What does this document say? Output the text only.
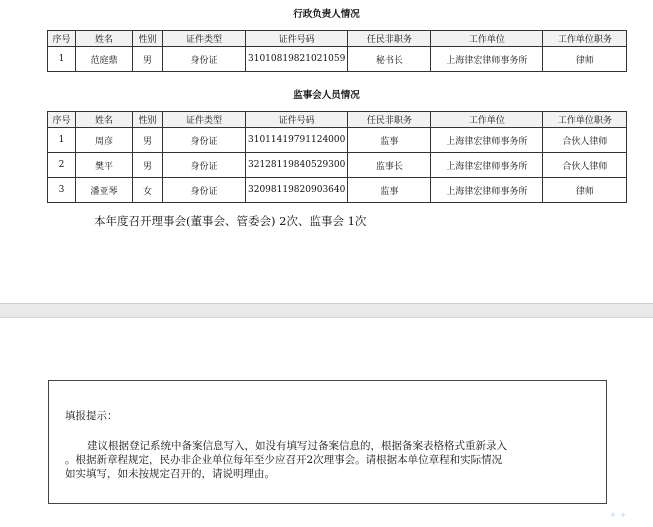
行政负责人情况
序号	姓名	性别	证件类型	证件号码	任民非职务	工作单位	工作单位职务
1	范庭鼎	男	身份证	31010819821021059	秘书长	上海律宏律师事务所	律师
监事会人员情况
序号	姓名	性别	证件类型	证件号码	任民非职务	工作单位	工作单位职务
1	周彦	男	身份证	31011419791124000	监事	上海律宏律师事务所	合伙人律师
2	樊平	男	身份证	32128119840529300	监事长	上海律宏律师事务所	合伙人律师
3	潘亚琴	女	身份证	32098119820903640	监事	上海律宏律师事务所	律师
本年度召开理事会(董事会、管委会) 2次、监事会 1次
填报提示：

建议根据登记系统中备案信息写入，如没有填写过备案信息的，根据备案表格格式重新录入

。根据新章程规定，民办非企业单位每年至少应召开2次理事会。请根据本单位章程和实际情况

如实填写，如未按规定召开的，请说明理由。

✦ ✦
